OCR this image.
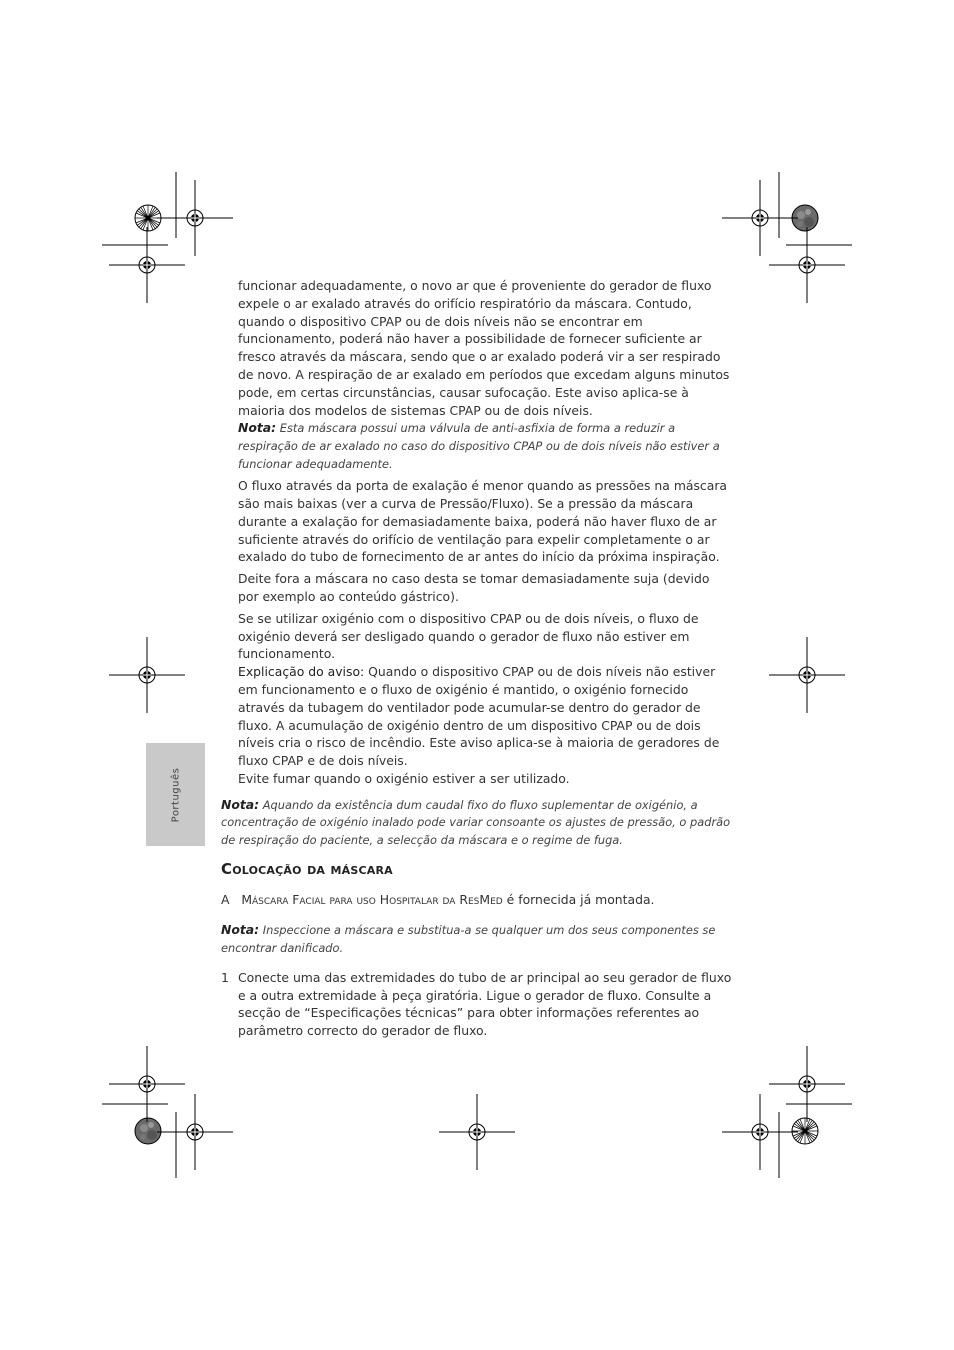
Português

funcionar adequadamente, o novo ar que é proveniente do gerador de fluxo expele o ar exalado através do orifício respiratório da máscara. Contudo, quando o dispositivo CPAP ou de dois níveis não se encontrar em funcionamento, poderá não haver a possibilidade de fornecer suficiente ar fresco através da máscara, sendo que o ar exalado poderá vir a ser respirado de novo. A respiração de ar exalado em períodos que excedam alguns minutos pode, em certas circunstâncias, causar sufocação. Este aviso aplica-se à maioria dos modelos de sistemas CPAP ou de dois níveis.

Nota: Esta máscara possui uma válvula de anti-asfixia de forma a reduzir a respiração de ar exalado no caso do dispositivo CPAP ou de dois níveis não estiver a funcionar adequadamente.

O fluxo através da porta de exalação é menor quando as pressões na máscara são mais baixas (ver a curva de Pressão/Fluxo). Se a pressão da máscara durante a exalação for demasiadamente baixa, poderá não haver fluxo de ar suficiente através do orifício de ventilação para expelir completamente o ar exalado do tubo de fornecimento de ar antes do início da próxima inspiração.

Deite fora a máscara no caso desta se tomar demasiadamente suja (devido por exemplo ao conteúdo gástrico).

Se se utilizar oxigénio com o dispositivo CPAP ou de dois níveis, o fluxo de oxigénio deverá ser desligado quando o gerador de fluxo não estiver em funcionamento.

Explicação do aviso: Quando o dispositivo CPAP ou de dois níveis não estiver em funcionamento e o fluxo de oxigénio é mantido, o oxigénio fornecido através da tubagem do ventilador pode acumular-se dentro do gerador de fluxo. A acumulação de oxigénio dentro de um dispositivo CPAP ou de dois níveis cria o risco de incêndio. Este aviso aplica-se à maioria de geradores de fluxo CPAP e de dois níveis.

Evite fumar quando o oxigénio estiver a ser utilizado.

Nota: Aquando da existência dum caudal fixo do fluxo suplementar de oxigénio, a concentração de oxigénio inalado pode variar consoante os ajustes de pressão, o padrão de respiração do paciente, a selecção da máscara e o regime de fuga.

Colocação da máscara

A Máscara Facial para uso Hospitalar da ResMed é fornecida já montada.

Nota: Inspeccione a máscara e substitua-a se qualquer um dos seus componentes se encontrar danificado.

1 Conecte uma das extremidades do tubo de ar principal ao seu gerador de fluxo e a outra extremidade à peça giratória. Ligue o gerador de fluxo. Consulte a secção de “Especificações técnicas” para obter informações referentes ao parâmetro correcto do gerador de fluxo.
